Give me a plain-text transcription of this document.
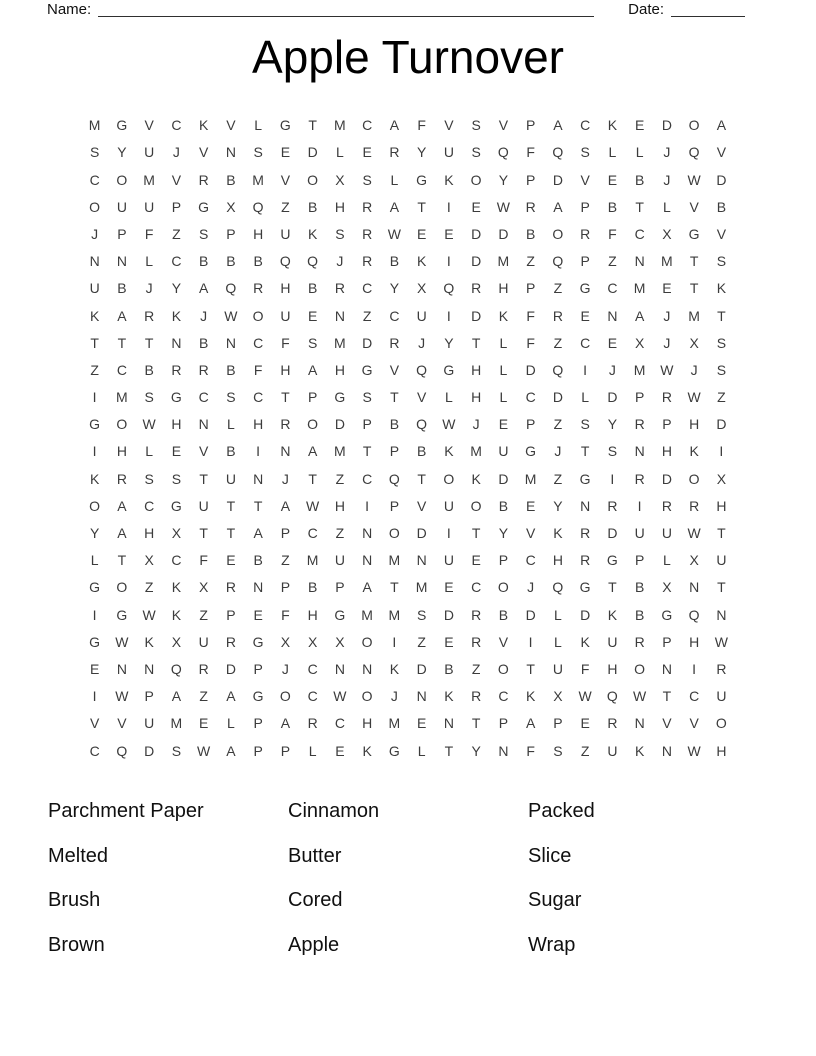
Name:	Date:
Apple Turnover
M	G	V	C	K	V	L	G	T	M	C	A	F	V	S	V	P	A	C	K	E	D	O	A
S	Y	U	J	V	N	S	E	D	L	E	R	Y	U	S	Q	F	Q	S	L	L	J	Q	V
C	O	M	V	R	B	M	V	O	X	S	L	G	K	O	Y	P	D	V	E	B	J	W	D
O	U	U	P	G	X	Q	Z	B	H	R	A	T	I	E	W	R	A	P	B	T	L	V	B
J	P	F	Z	S	P	H	U	K	S	R	W	E	E	D	D	B	O	R	F	C	X	G	V
N	N	L	C	B	B	B	Q	Q	J	R	B	K	I	D	M	Z	Q	P	Z	N	M	T	S
U	B	J	Y	A	Q	R	H	B	R	C	Y	X	Q	R	H	P	Z	G	C	M	E	T	K
K	A	R	K	J	W	O	U	E	N	Z	C	U	I	D	K	F	R	E	N	A	J	M	T
T	T	T	N	B	N	C	F	S	M	D	R	J	Y	T	L	F	Z	C	E	X	J	X	S
Z	C	B	R	R	B	F	H	A	H	G	V	Q	G	H	L	D	Q	I	J	M	W	J	S
I	M	S	G	C	S	C	T	P	G	S	T	V	L	H	L	C	D	L	D	P	R	W	Z
G	O	W	H	N	L	H	R	O	D	P	B	Q	W	J	E	P	Z	S	Y	R	P	H	D
I	H	L	E	V	B	I	N	A	M	T	P	B	K	M	U	G	J	T	S	N	H	K	I
K	R	S	S	T	U	N	J	T	Z	C	Q	T	O	K	D	M	Z	G	I	R	D	O	X
O	A	C	G	U	T	T	A	W	H	I	P	V	U	O	B	E	Y	N	R	I	R	R	H
Y	A	H	X	T	T	A	P	C	Z	N	O	D	I	T	Y	V	K	R	D	U	U	W	T
L	T	X	C	F	E	B	Z	M	U	N	M	N	U	E	P	C	H	R	G	P	L	X	U
G	O	Z	K	X	R	N	P	B	P	A	T	M	E	C	O	J	Q	G	T	B	X	N	T
I	G	W	K	Z	P	E	F	H	G	M	M	S	D	R	B	D	L	D	K	B	G	Q	N
G	W	K	X	U	R	G	X	X	X	O	I	Z	E	R	V	I	L	K	U	R	P	H	W
E	N	N	Q	R	D	P	J	C	N	N	K	D	B	Z	O	T	U	F	H	O	N	I	R
I	W	P	A	Z	A	G	O	C	W	O	J	N	K	R	C	K	X	W	Q	W	T	C	U
V	V	U	M	E	L	P	A	R	C	H	M	E	N	T	P	A	P	E	R	N	V	V	O
C	Q	D	S	W	A	P	P	L	E	K	G	L	T	Y	N	F	S	Z	U	K	N	W	H
Parchment Paper
Melted
Brush
Brown
Cinnamon
Butter
Cored
Apple
Packed
Slice
Sugar
Wrap
